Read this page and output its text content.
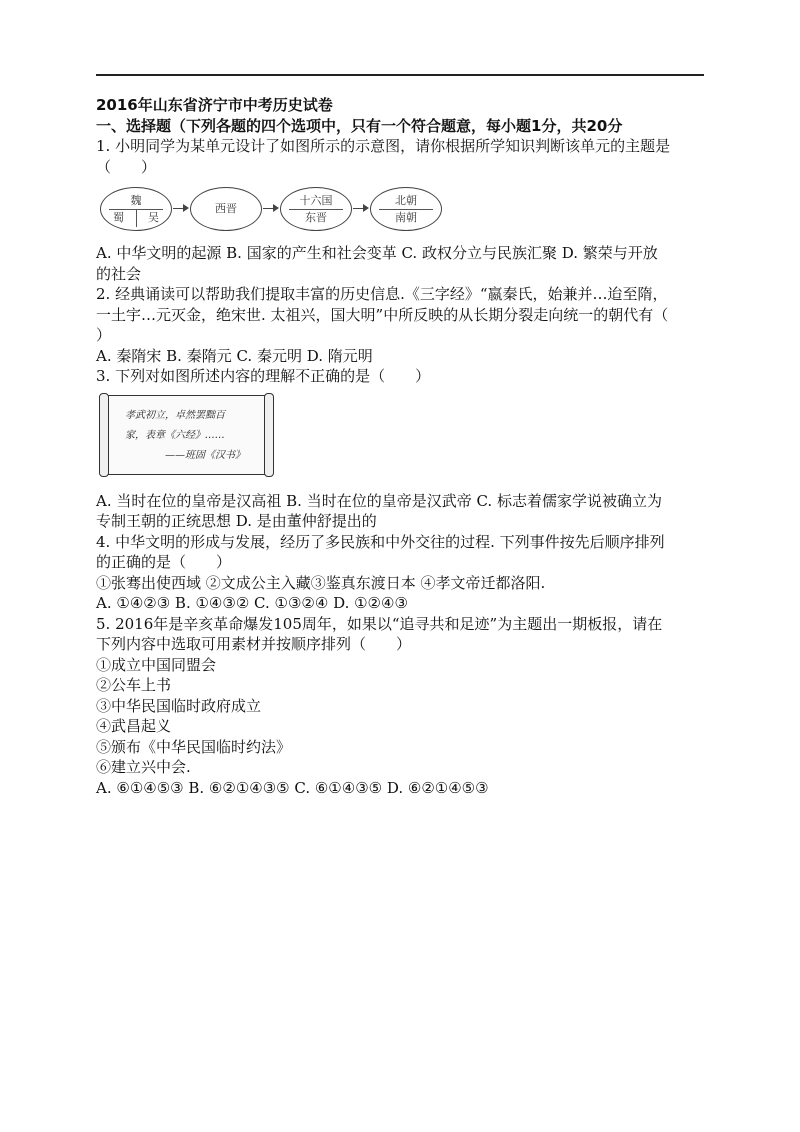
2016年山东省济宁市中考历史试卷
一、选择题（下列各题的四个选项中，只有一个符合题意，每小题1分，共20分
1. 小明同学为某单元设计了如图所示的示意图，请你根据所学知识判断该单元的主题是
（　　）
魏
蜀	吴
西晋
十六国
东晋
北朝
南朝
A. 中华文明的起源 B. 国家的产生和社会变革 C. 政权分立与民族汇聚 D. 繁荣与开放
的社会
2. 经典诵读可以帮助我们提取丰富的历史信息.《三字经》“嬴秦氏，始兼并…迨至隋，
一土宇…元灭金，绝宋世. 太祖兴，国大明”中所反映的从长期分裂走向统一的朝代有（
）
A. 秦隋宋 B. 秦隋元 C. 秦元明 D. 隋元明
3. 下列对如图所述内容的理解不正确的是（　　）
孝武初立，卓然罢黜百
家，表章《六经》……
——班固《汉书》
A. 当时在位的皇帝是汉高祖 B. 当时在位的皇帝是汉武帝 C. 标志着儒家学说被确立为
专制王朝的正统思想 D. 是由董仲舒提出的
4. 中华文明的形成与发展，经历了多民族和中外交往的过程. 下列事件按先后顺序排列
的正确的是（　　）
①张骞出使西域 ②文成公主入藏③鉴真东渡日本 ④孝文帝迁都洛阳.
A. ①④②③ B. ①④③② C. ①③②④ D. ①②④③
5. 2016年是辛亥革命爆发105周年，如果以“追寻共和足迹”为主题出一期板报，请在
下列内容中选取可用素材并按顺序排列（　　）
①成立中国同盟会
②公车上书
③中华民国临时政府成立
④武昌起义
⑤颁布《中华民国临时约法》
⑥建立兴中会.
A. ⑥①④⑤③ B. ⑥②①④③⑤ C. ⑥①④③⑤ D. ⑥②①④⑤③
